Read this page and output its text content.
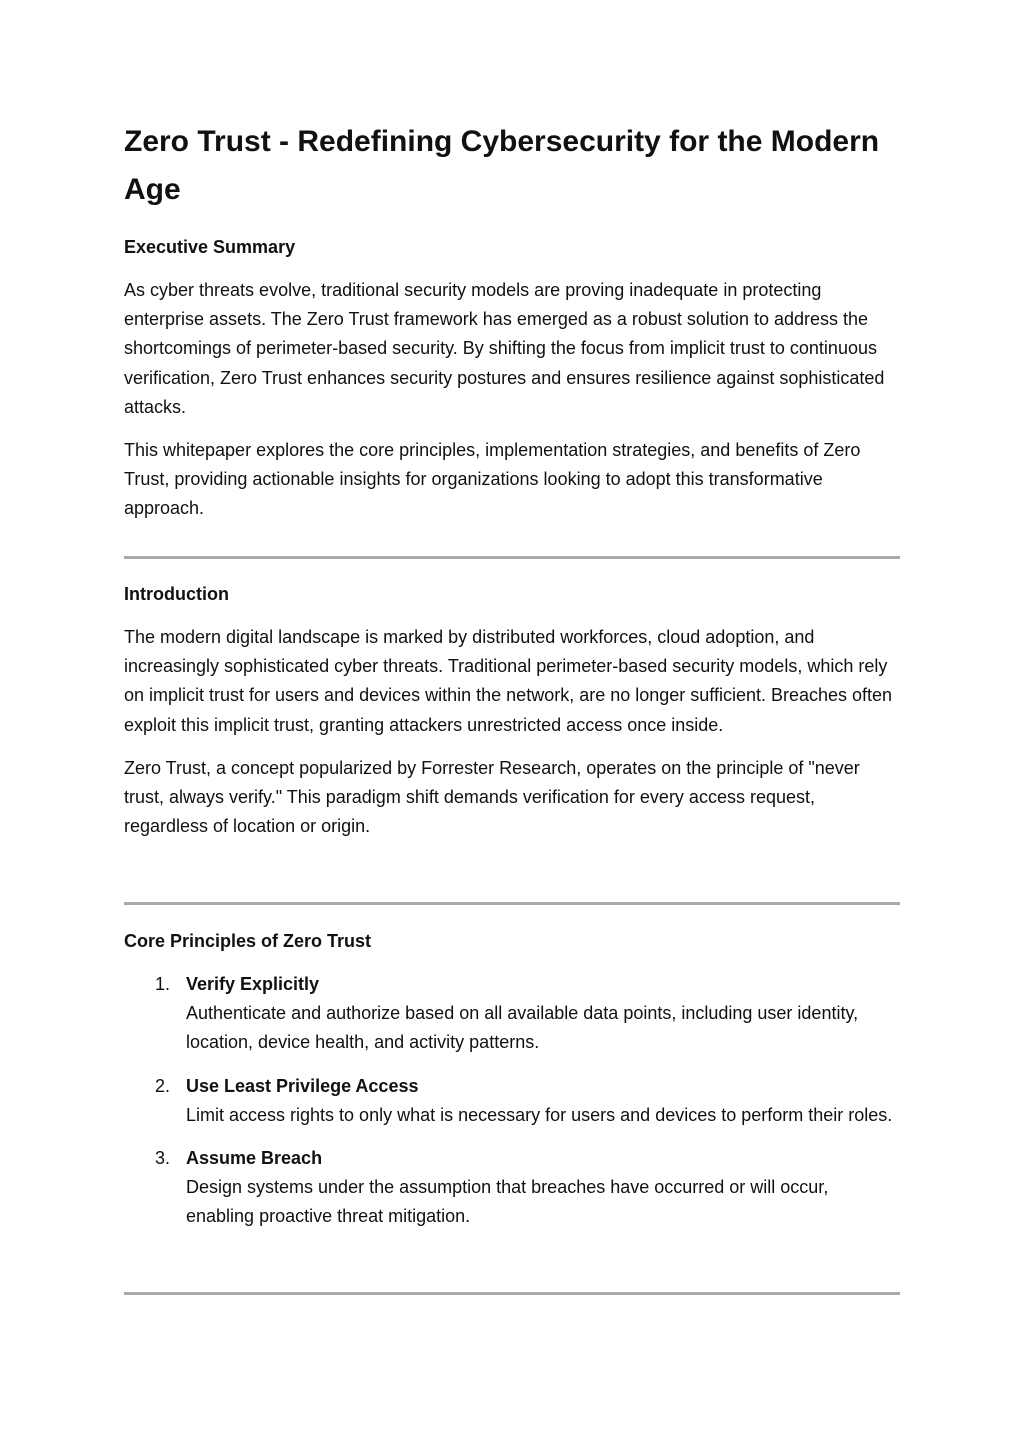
Zero Trust - Redefining Cybersecurity for the Modern Age
Executive Summary

As cyber threats evolve, traditional security models are proving inadequate in protecting enterprise assets. The Zero Trust framework has emerged as a robust solution to address the shortcomings of perimeter-based security. By shifting the focus from implicit trust to continuous verification, Zero Trust enhances security postures and ensures resilience against sophisticated attacks.

This whitepaper explores the core principles, implementation strategies, and benefits of Zero Trust, providing actionable insights for organizations looking to adopt this transformative approach.

Introduction

The modern digital landscape is marked by distributed workforces, cloud adoption, and increasingly sophisticated cyber threats. Traditional perimeter-based security models, which rely on implicit trust for users and devices within the network, are no longer sufficient. Breaches often exploit this implicit trust, granting attackers unrestricted access once inside.

Zero Trust, a concept popularized by Forrester Research, operates on the principle of "never trust, always verify." This paradigm shift demands verification for every access request, regardless of location or origin.

Core Principles of Zero Trust
1. Verify Explicitly
Authenticate and authorize based on all available data points, including user identity, location, device health, and activity patterns.
2. Use Least Privilege Access
Limit access rights to only what is necessary for users and devices to perform their roles.
3. Assume Breach
Design systems under the assumption that breaches have occurred or will occur, enabling proactive threat mitigation.
